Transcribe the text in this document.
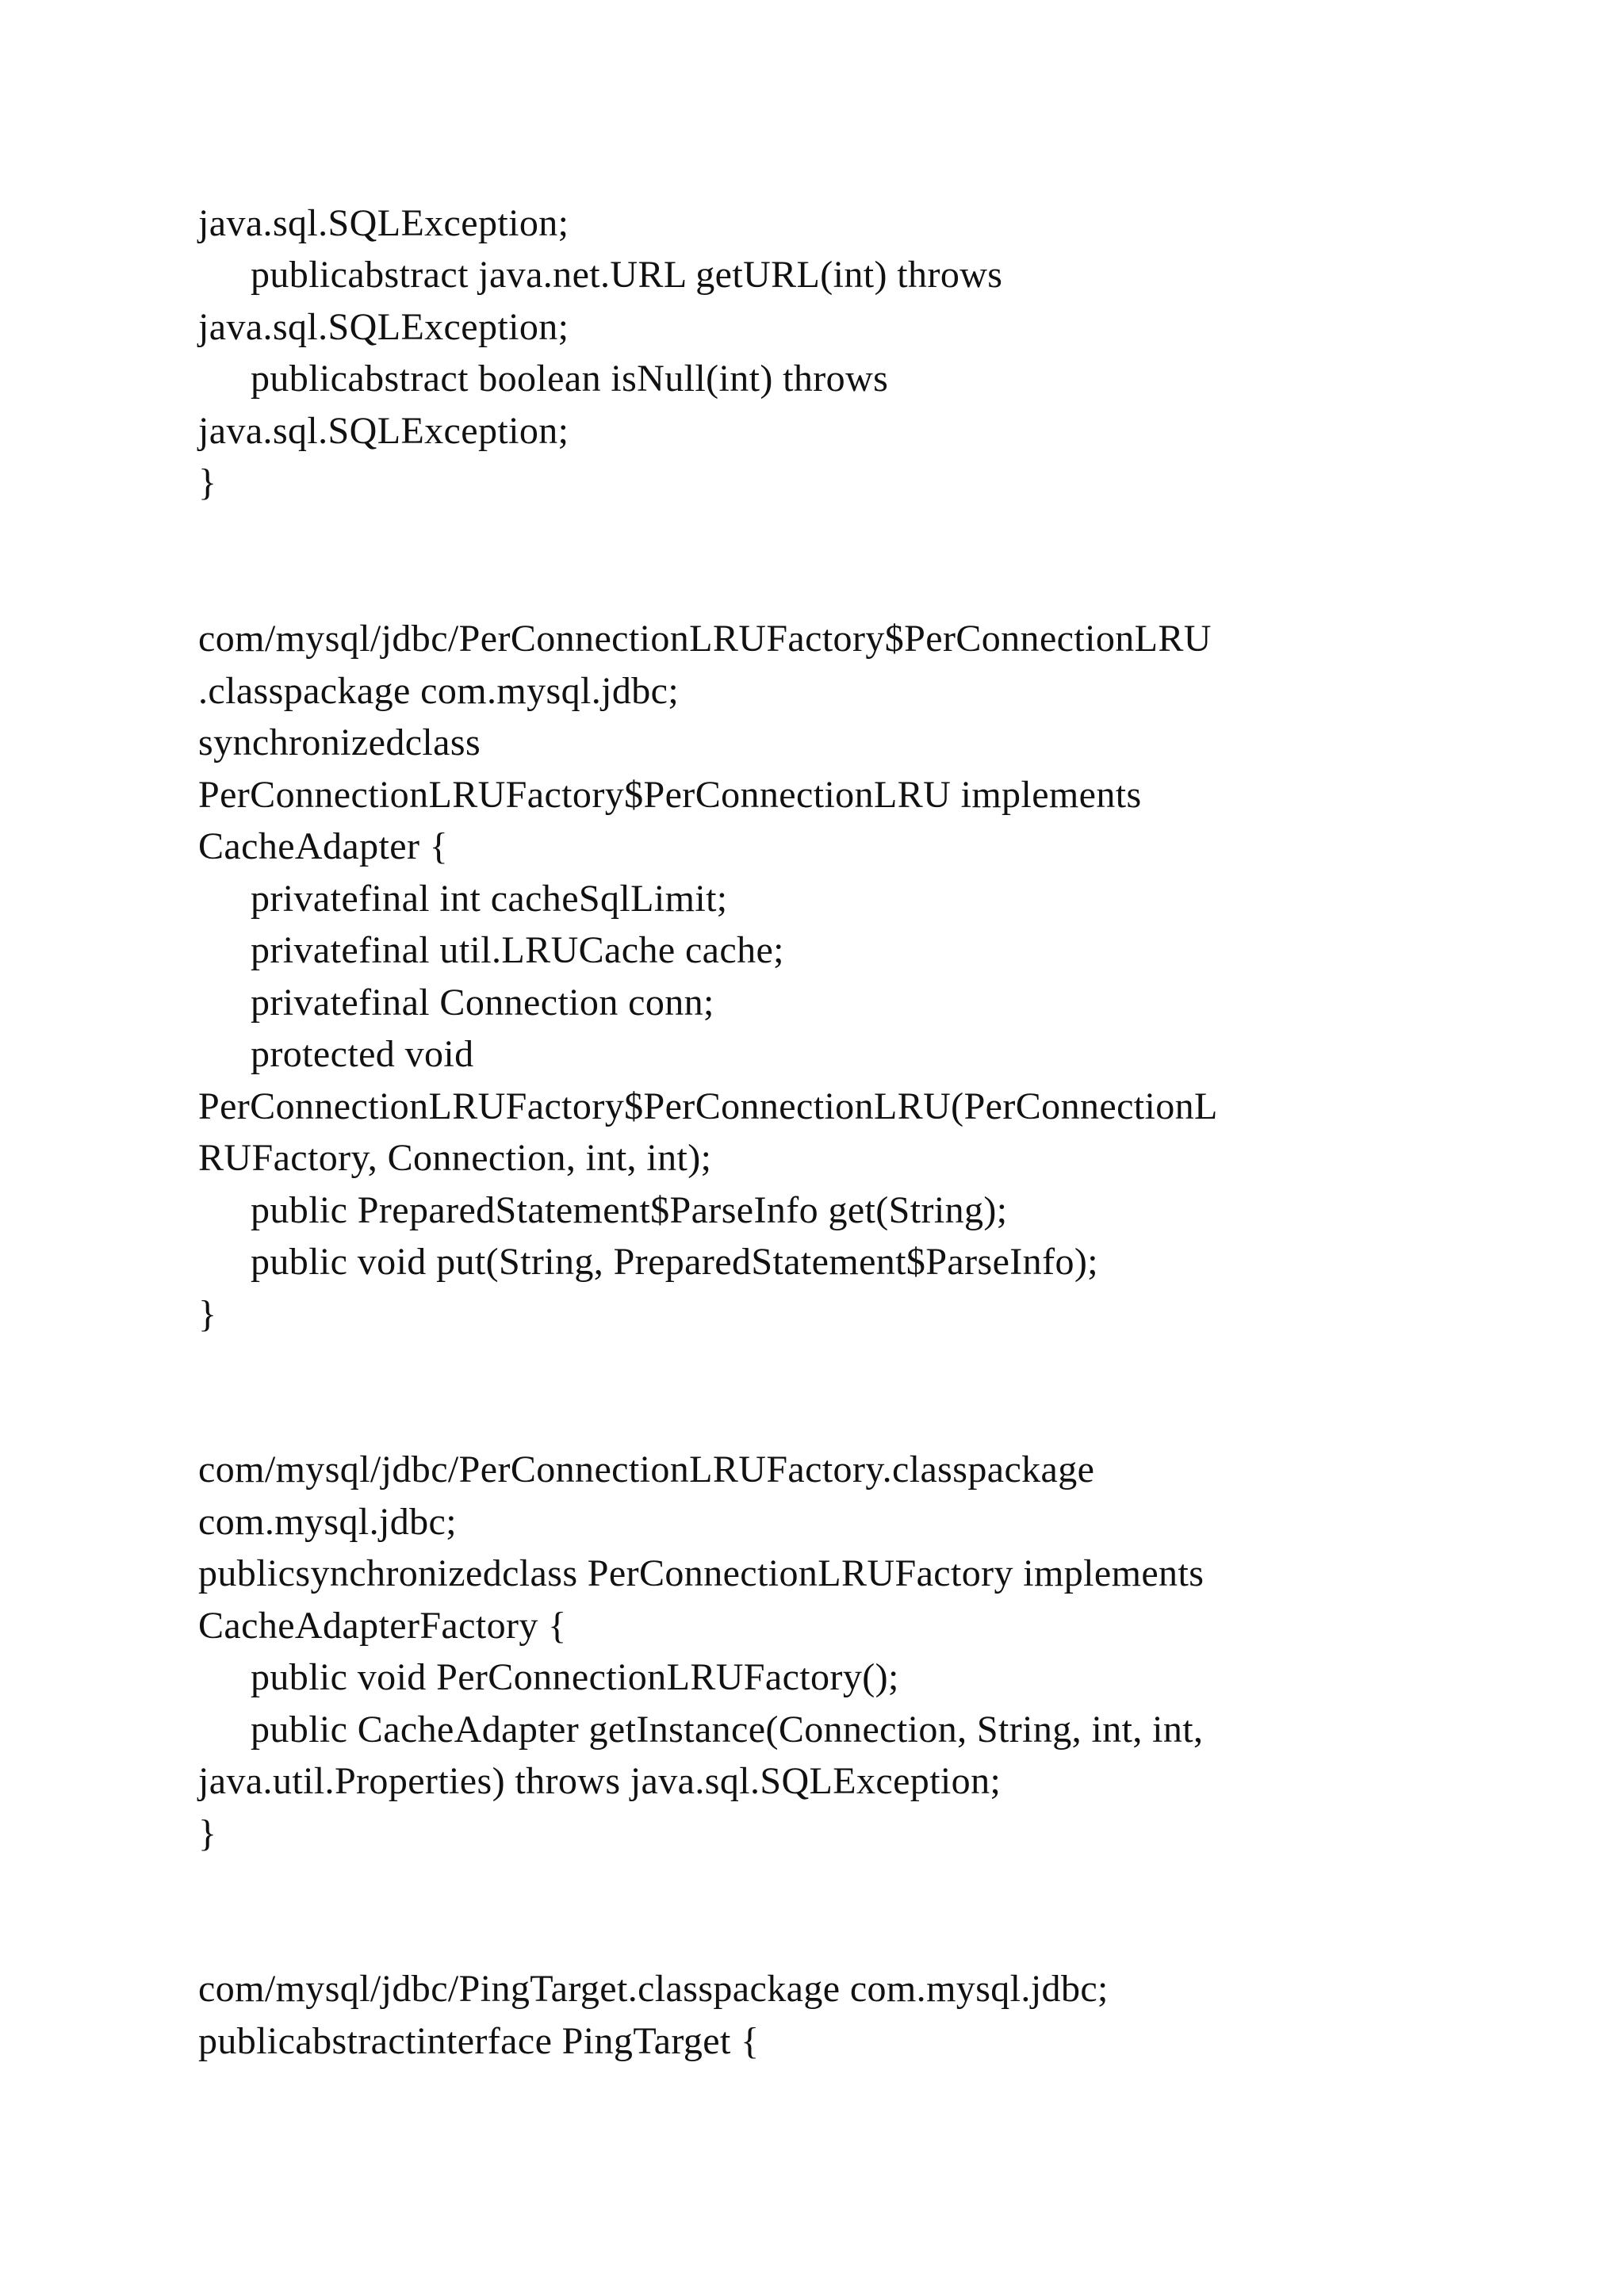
java.sql.SQLException;
publicabstract java.net.URL getURL(int) throws
java.sql.SQLException;
publicabstract boolean isNull(int) throws
java.sql.SQLException;
}
com/mysql/jdbc/PerConnectionLRUFactory$PerConnectionLRU
.classpackage com.mysql.jdbc;
synchronizedclass
PerConnectionLRUFactory$PerConnectionLRU implements
CacheAdapter {
privatefinal int cacheSqlLimit;
privatefinal util.LRUCache cache;
privatefinal Connection conn;
protected void
PerConnectionLRUFactory$PerConnectionLRU(PerConnectionL
RUFactory, Connection, int, int);
public PreparedStatement$ParseInfo get(String);
public void put(String, PreparedStatement$ParseInfo);
}
com/mysql/jdbc/PerConnectionLRUFactory.classpackage
com.mysql.jdbc;
publicsynchronizedclass PerConnectionLRUFactory implements
CacheAdapterFactory {
public void PerConnectionLRUFactory();
public CacheAdapter getInstance(Connection, String, int, int,
java.util.Properties) throws java.sql.SQLException;
}
com/mysql/jdbc/PingTarget.classpackage com.mysql.jdbc;
publicabstractinterface PingTarget {
